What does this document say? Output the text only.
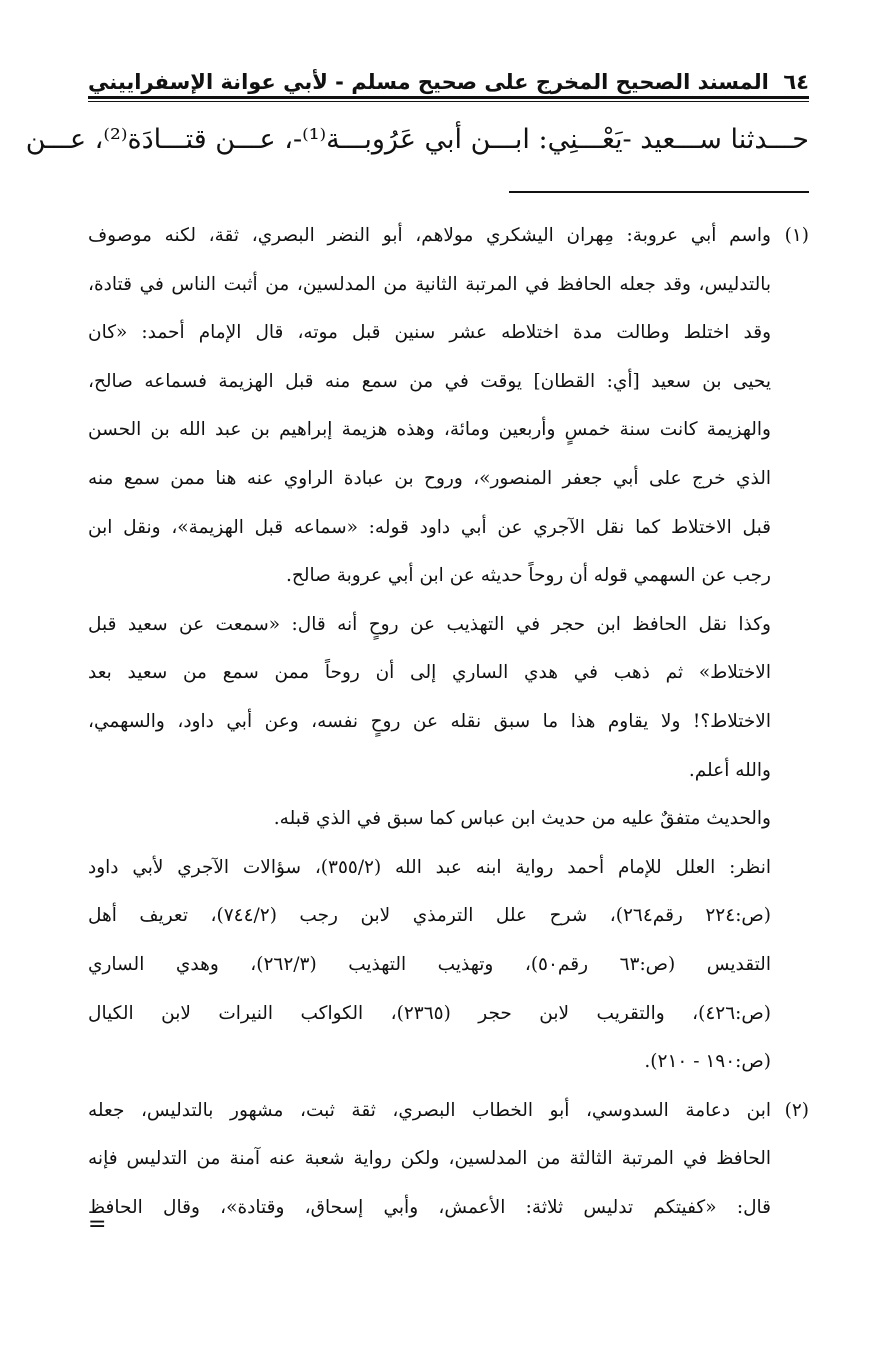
٦٤
المسند الصحيح المخرج على صحيح مسلم - لأبي عوانة الإسفراييني
حـــدثنا ســـعيد -يَعْـــنِي: ابـــن أبي عَرُوبـــة⁽¹⁾-، عـــن قتـــادَة⁽²⁾، عـــن
(١)
واسم أبي عروبة: مِهران اليشكري مولاهم، أبو النضر البصري، ثقة، لكنه موصوف
بالتدليس، وقد جعله الحافظ في المرتبة الثانية من المدلسين، من أثبت الناس في قتادة،
وقد اختلط وطالت مدة اختلاطه عشر سنين قبل موته، قال الإمام أحمد: «كان
يحيى بن سعيد [أي: القطان] يوقت في من سمع منه قبل الهزيمة فسماعه صالح،
والهزيمة كانت سنة خمسٍ وأربعين ومائة، وهذه هزيمة إبراهيم بن عبد الله بن الحسن
الذي خرج على أبي جعفر المنصور»، وروح بن عبادة الراوي عنه هنا ممن سمع منه
قبل الاختلاط كما نقل الآجري عن أبي داود قوله: «سماعه قبل الهزيمة»، ونقل ابن
رجب عن السهمي قوله أن روحاً حديثه عن ابن أبي عروبة صالح.
وكذا نقل الحافظ ابن حجر في التهذيب عن روحٍ أنه قال: «سمعت عن سعيد قبل
الاختلاط» ثم ذهب في هدي الساري إلى أن روحاً ممن سمع من سعيد بعد
الاختلاط؟! ولا يقاوم هذا ما سبق نقله عن روحٍ نفسه، وعن أبي داود، والسهمي،
والله أعلم.
والحديث متفقٌ عليه من حديث ابن عباس كما سبق في الذي قبله.
انظر: العلل للإمام أحمد رواية ابنه عبد الله (٣٥٥/٢)، سؤالات الآجري لأبي داود
(ص:٢٢٤ رقم٢٦٤)، شرح علل الترمذي لابن رجب (٧٤٤/٢)، تعريف أهل
التقديس (ص:٦٣ رقم٥٠)، وتهذيب التهذيب (٢٦٢/٣)، وهدي الساري
(ص:٤٢٦)، والتقريب لابن حجر (٢٣٦٥)، الكواكب النيرات لابن الكيال
(ص:١٩٠ - ٢١٠).
(٢)
ابن دعامة السدوسي، أبو الخطاب البصري، ثقة ثبت، مشهور بالتدليس، جعله
الحافظ في المرتبة الثالثة من المدلسين، ولكن رواية شعبة عنه آمنة من التدليس فإنه
قال: «كفيتكم تدليس ثلاثة: الأعمش، وأبي إسحاق، وقتادة»، وقال الحافظ
=
